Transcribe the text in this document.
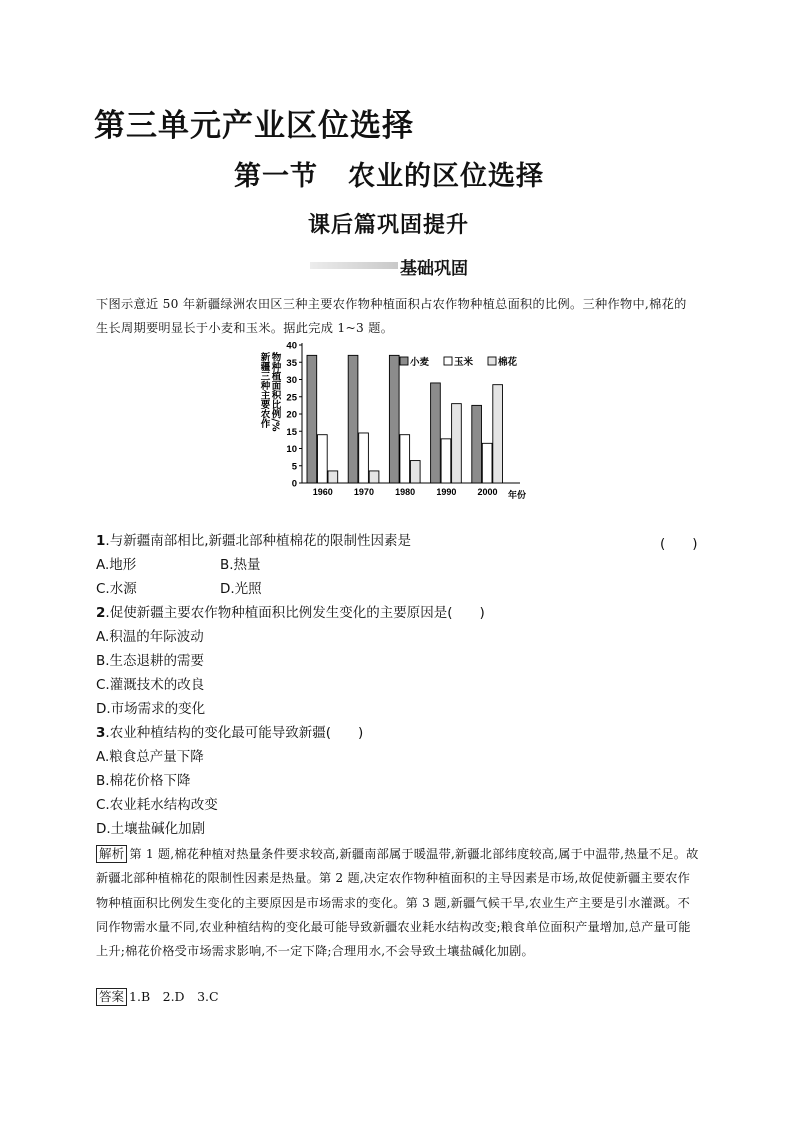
第三单元产业区位选择
第一节 农业的区位选择
课后篇巩固提升
基础巩固
下图示意近 50 年新疆绿洲农田区三种主要农作物种植面积占农作物种植总面积的比例。三种作物中,棉花的生长周期要明显长于小麦和玉米。据此完成 1~3 题。
0
5
10
15
20
25
30
35
40
新疆三种主要农作 物种植面积比例/%
1960 1970 1980 1990 2000 年份
小麦	玉米	棉花
1.与新疆南部相比,新疆北部种植棉花的限制性因素是	(　　)
A.地形	B.热量
C.水源	D.光照
2.促使新疆主要农作物种植面积比例发生变化的主要原因是(　　)
A.积温的年际波动
B.生态退耕的需要
C.灌溉技术的改良
D.市场需求的变化
3.农业种植结构的变化最可能导致新疆(　　)
A.粮食总产量下降
B.棉花价格下降
C.农业耗水结构改变
D.土壤盐碱化加剧
解析 第 1 题,棉花种植对热量条件要求较高,新疆南部属于暖温带,新疆北部纬度较高,属于中温带,热量不足。故新疆北部种植棉花的限制性因素是热量。第 2 题,决定农作物种植面积的主导因素是市场,故促使新疆主要农作物种植面积比例发生变化的主要原因是市场需求的变化。第 3 题,新疆气候干旱,农业生产主要是引水灌溉。不同作物需水量不同,农业种植结构的变化最可能导致新疆农业耗水结构改变;粮食单位面积产量增加,总产量可能上升;棉花价格受市场需求影响,不一定下降;合理用水,不会导致土壤盐碱化加剧。
答案 1.B　2.D　3.C
